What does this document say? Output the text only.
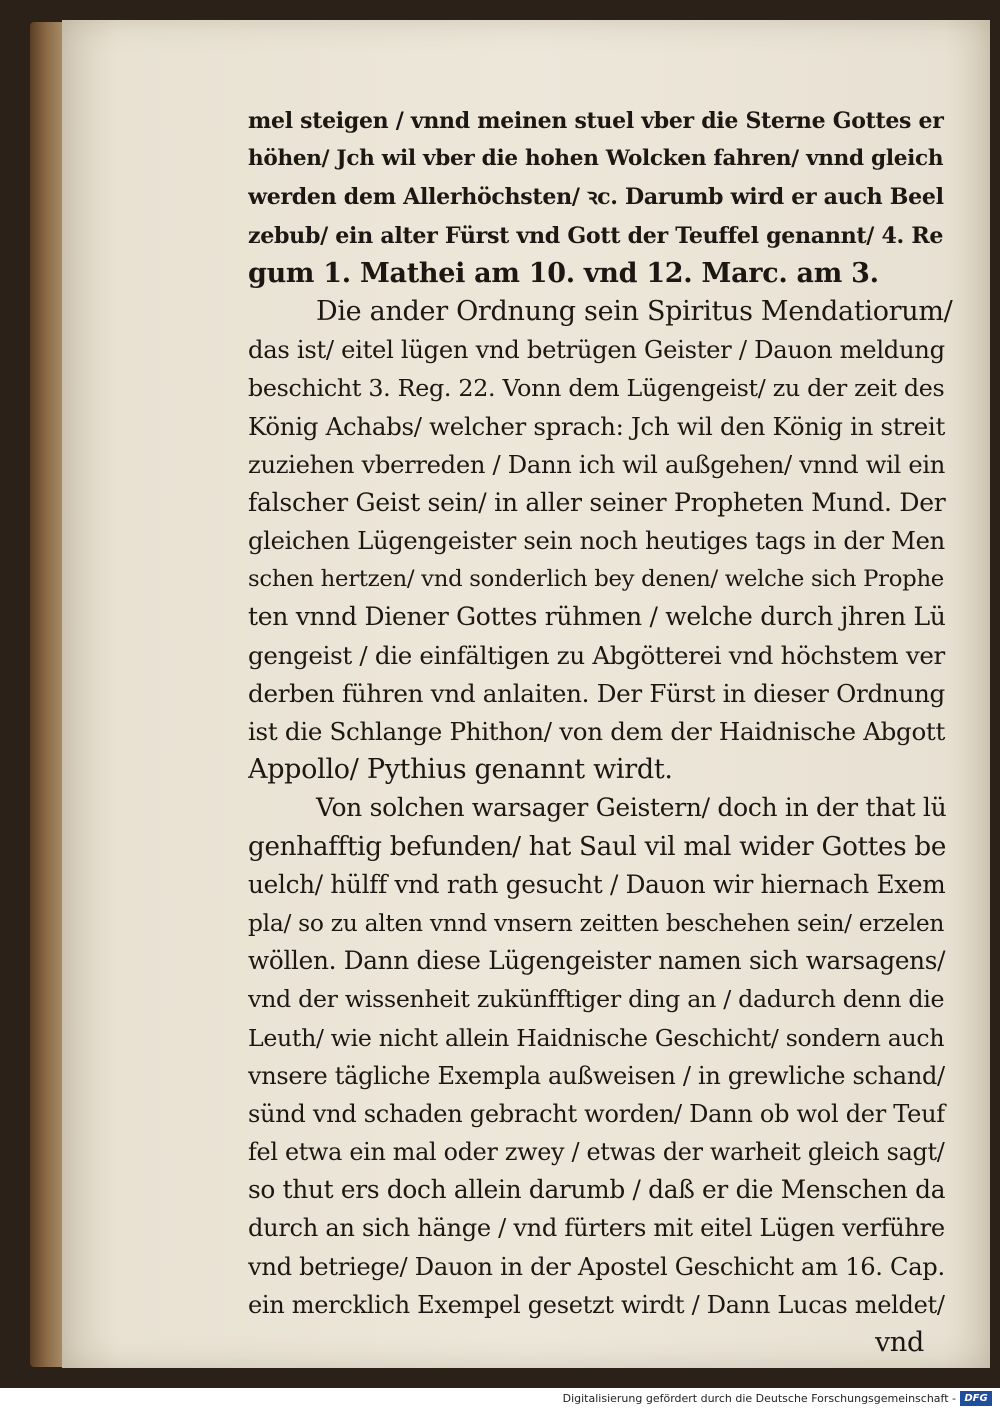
mel steigen / vnnd meinen stuel vber die Sterne Gottes er
höhen/ Jch wil vber die hohen Wolcken fahren/ vnnd gleich
werden dem Allerhöchsten/ ꝛc. Darumb wird er auch Beel
zebub/ ein alter Fürst vnd Gott der Teuffel genannt/ 4. Re
gum 1. Mathei am 10. vnd 12. Marc. am 3.
Die ander Ordnung sein Spiritus Mendatiorum/
das ist/ eitel lügen vnd betrügen Geister / Dauon meldung
beschicht 3. Reg. 22. Vonn dem Lügengeist/ zu der zeit des
König Achabs/ welcher sprach: Jch wil den König in streit
zuziehen vberreden / Dann ich wil außgehen/ vnnd wil ein
falscher Geist sein/ in aller seiner Propheten Mund. Der
gleichen Lügengeister sein noch heutiges tags in der Men
schen hertzen/ vnd sonderlich bey denen/ welche sich Prophe
ten vnnd Diener Gottes rühmen / welche durch jhren Lü
gengeist / die einfältigen zu Abgötterei vnd höchstem ver
derben führen vnd anlaiten. Der Fürst in dieser Ordnung
ist die Schlange Phithon/ von dem der Haidnische Abgott
Appollo/ Pythius genannt wirdt.
Von solchen warsager Geistern/ doch in der that lü
genhafftig befunden/ hat Saul vil mal wider Gottes be
uelch/ hülff vnd rath gesucht / Dauon wir hiernach Exem
pla/ so zu alten vnnd vnsern zeitten beschehen sein/ erzelen
wöllen. Dann diese Lügengeister namen sich warsagens/
vnd der wissenheit zukünfftiger ding an / dadurch denn die
Leuth/ wie nicht allein Haidnische Geschicht/ sondern auch
vnsere tägliche Exempla außweisen / in grewliche schand/
sünd vnd schaden gebracht worden/ Dann ob wol der Teuf
fel etwa ein mal oder zwey / etwas der warheit gleich sagt/
so thut ers doch allein darumb / daß er die Menschen da
durch an sich hänge / vnd fürters mit eitel Lügen verführe
vnd betriege/ Dauon in der Apostel Geschicht am 16. Cap.
ein mercklich Exempel gesetzt wirdt / Dann Lucas meldet/
vnd
Digitalisierung gefördert durch die Deutsche Forschungsgemeinschaft - DFG
